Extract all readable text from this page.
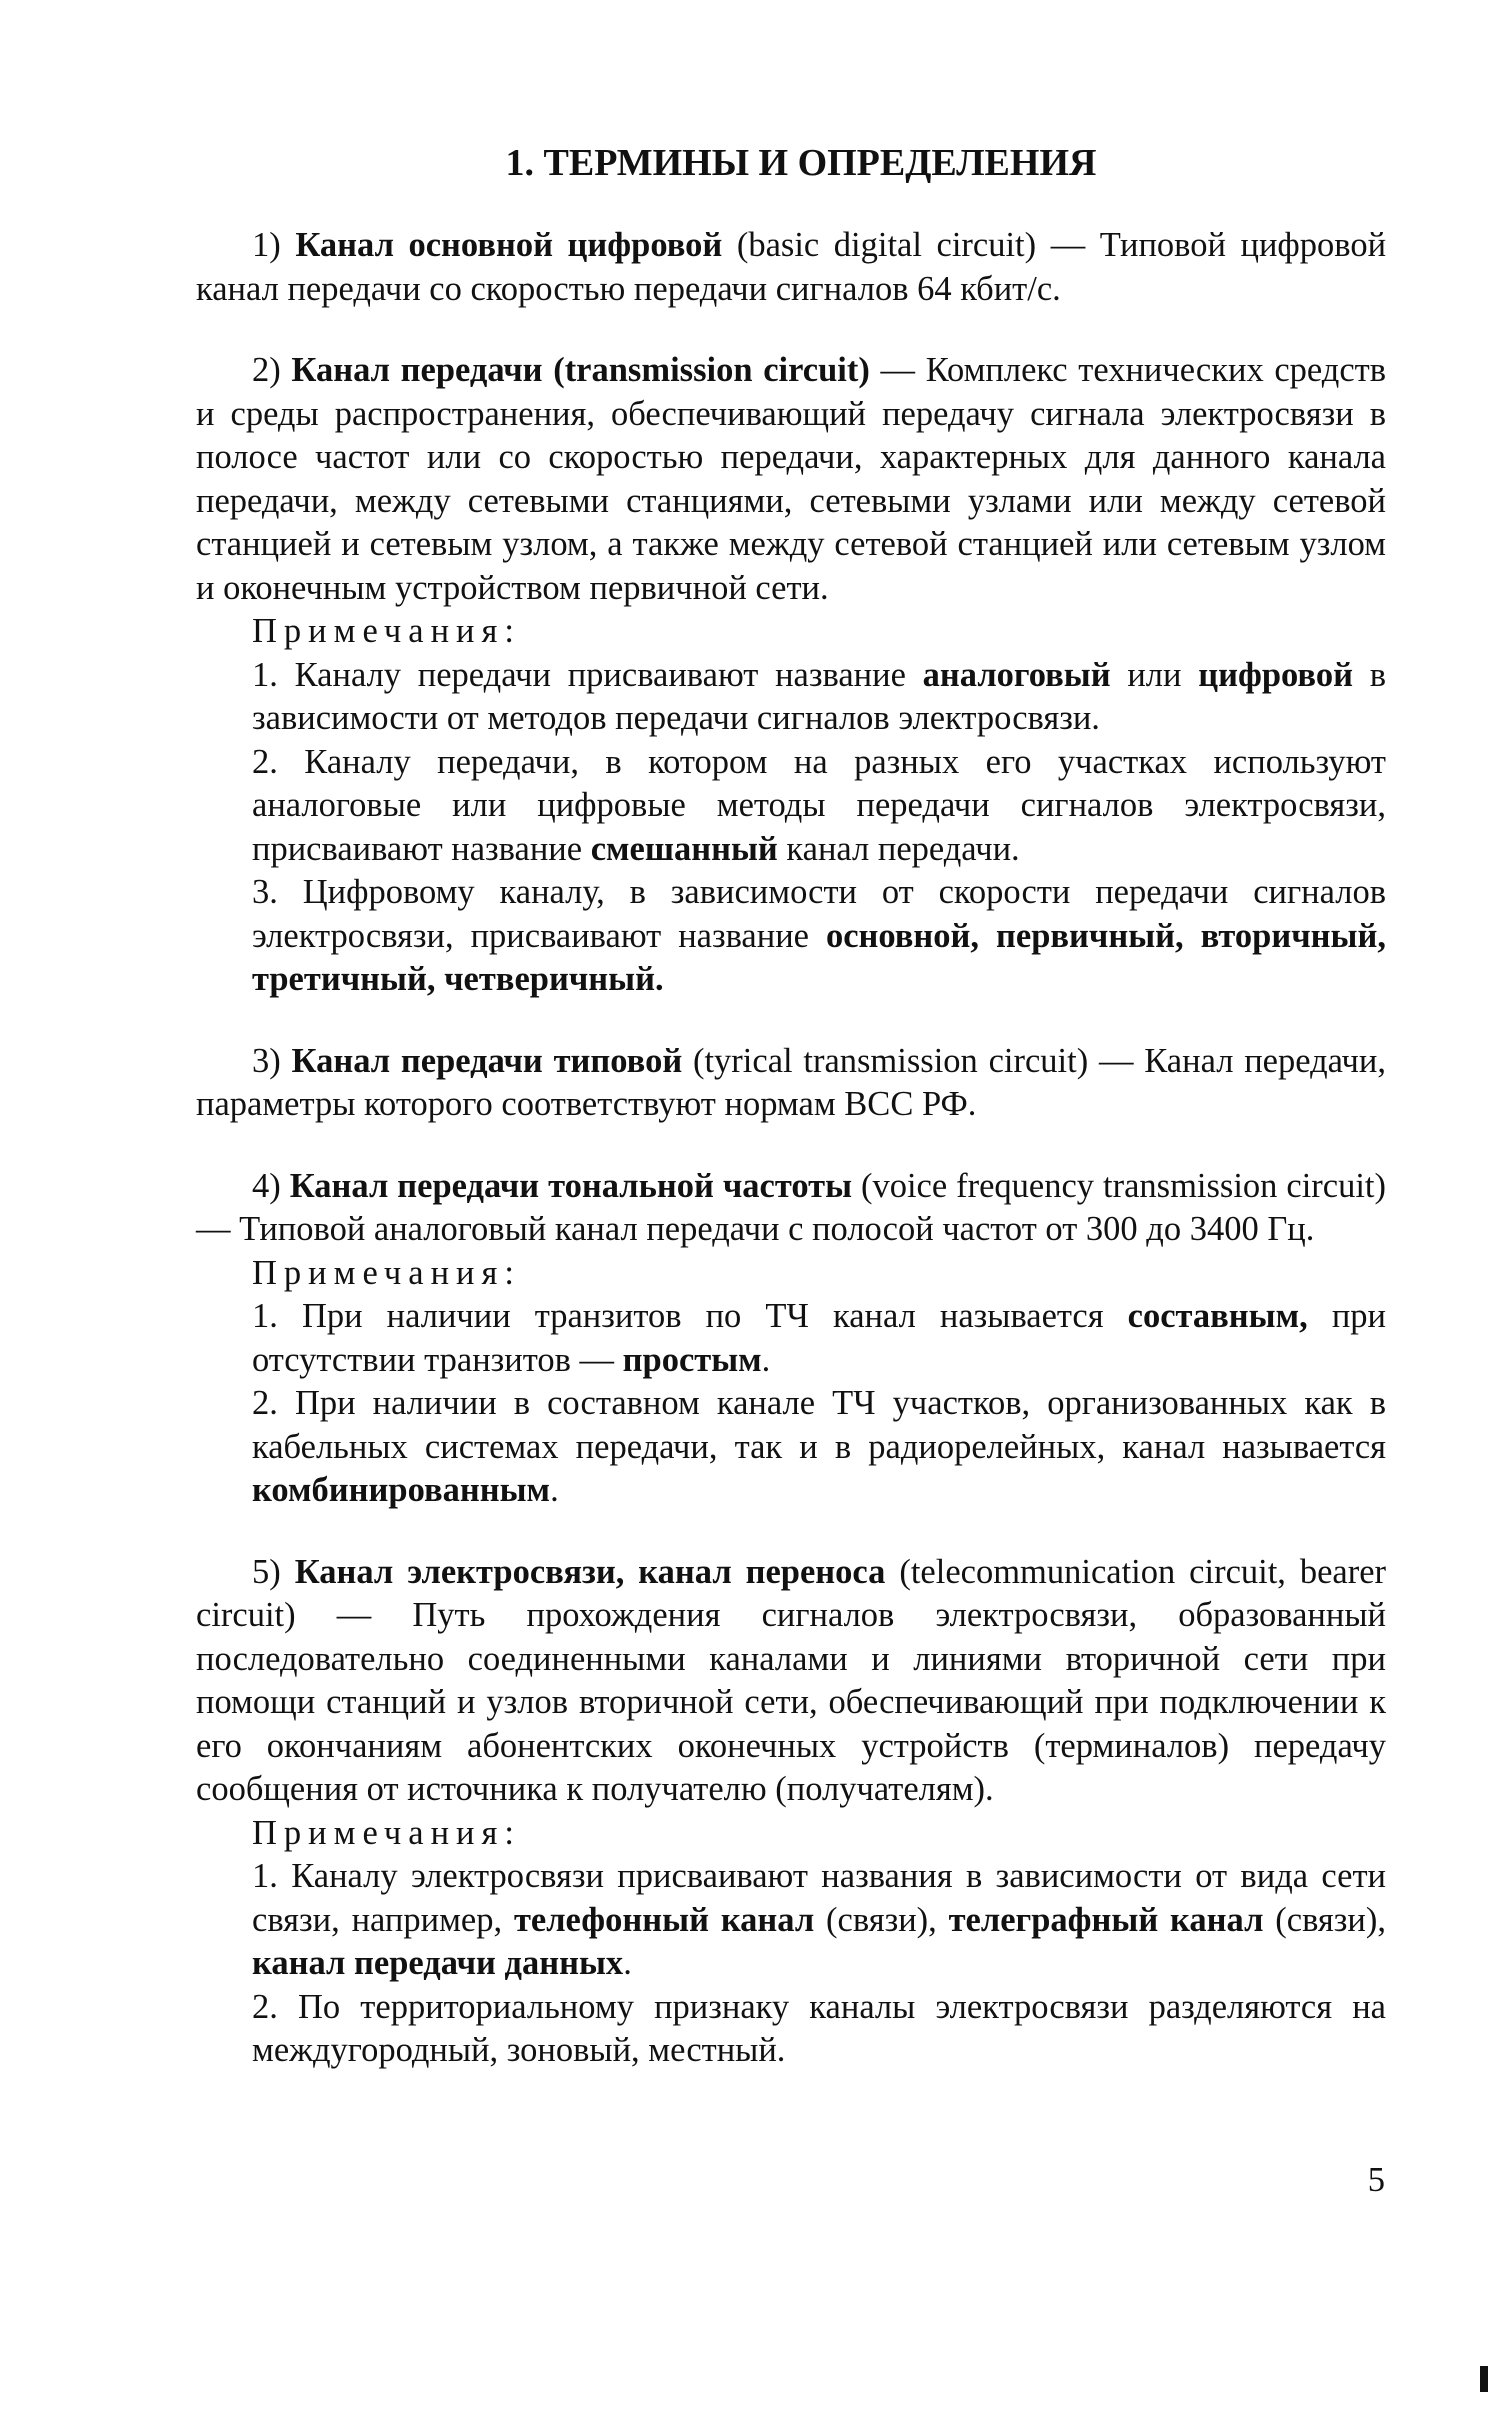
1. ТЕРМИНЫ И ОПРЕДЕЛЕНИЯ

1) Канал основной цифровой (basic digital circuit) — Типовой цифровой канал передачи со скоростью передачи сигналов 64 кбит/с.

2) Канал передачи (transmission circuit) — Комплекс технических средств и среды распространения, обеспечивающий передачу сигнала электросвязи в полосе частот или со скоростью передачи, характерных для данного канала передачи, между сетевыми станциями, сетевыми узлами или между сетевой станцией и сетевым узлом, а также между сетевой станцией или сетевым узлом и оконечным устройством первичной сети.

Примечания:

1. Каналу передачи присваивают название аналоговый или цифровой в зависимости от методов передачи сигналов электросвязи.

2. Каналу передачи, в котором на разных его участках используют аналоговые или цифровые методы передачи сигналов электросвязи, присваивают название смешанный канал передачи.

3. Цифровому каналу, в зависимости от скорости передачи сигналов электросвязи, присваивают название основной, первичный, вторичный, третичный, четверичный.

3) Канал передачи типовой (tyrical transmission circuit) — Канал передачи, параметры которого соответствуют нормам ВСС РФ.

4) Канал передачи тональной частоты (voice frequency transmission circuit) — Типовой аналоговый канал передачи с полосой частот от 300 до 3400 Гц.

Примечания:

1. При наличии транзитов по ТЧ канал называется составным, при отсутствии транзитов — простым.

2. При наличии в составном канале ТЧ участков, организованных как в кабельных системах передачи, так и в радиорелейных, канал называется комбинированным.

5) Канал электросвязи, канал переноса (telecommunication circuit, bearer circuit) — Путь прохождения сигналов электросвязи, образованный последовательно соединенными каналами и линиями вторичной сети при помощи станций и узлов вторичной сети, обеспечивающий при подключении к его окончаниям абонентских оконечных устройств (терминалов) передачу сообщения от источника к получателю (получателям).

Примечания:

1. Каналу электросвязи присваивают названия в зависимости от вида сети связи, например, телефонный канал (связи), телеграфный канал (связи), канал передачи данных.

2. По территориальному признаку каналы электросвязи разделяются на междугородный, зоновый, местный.

5
